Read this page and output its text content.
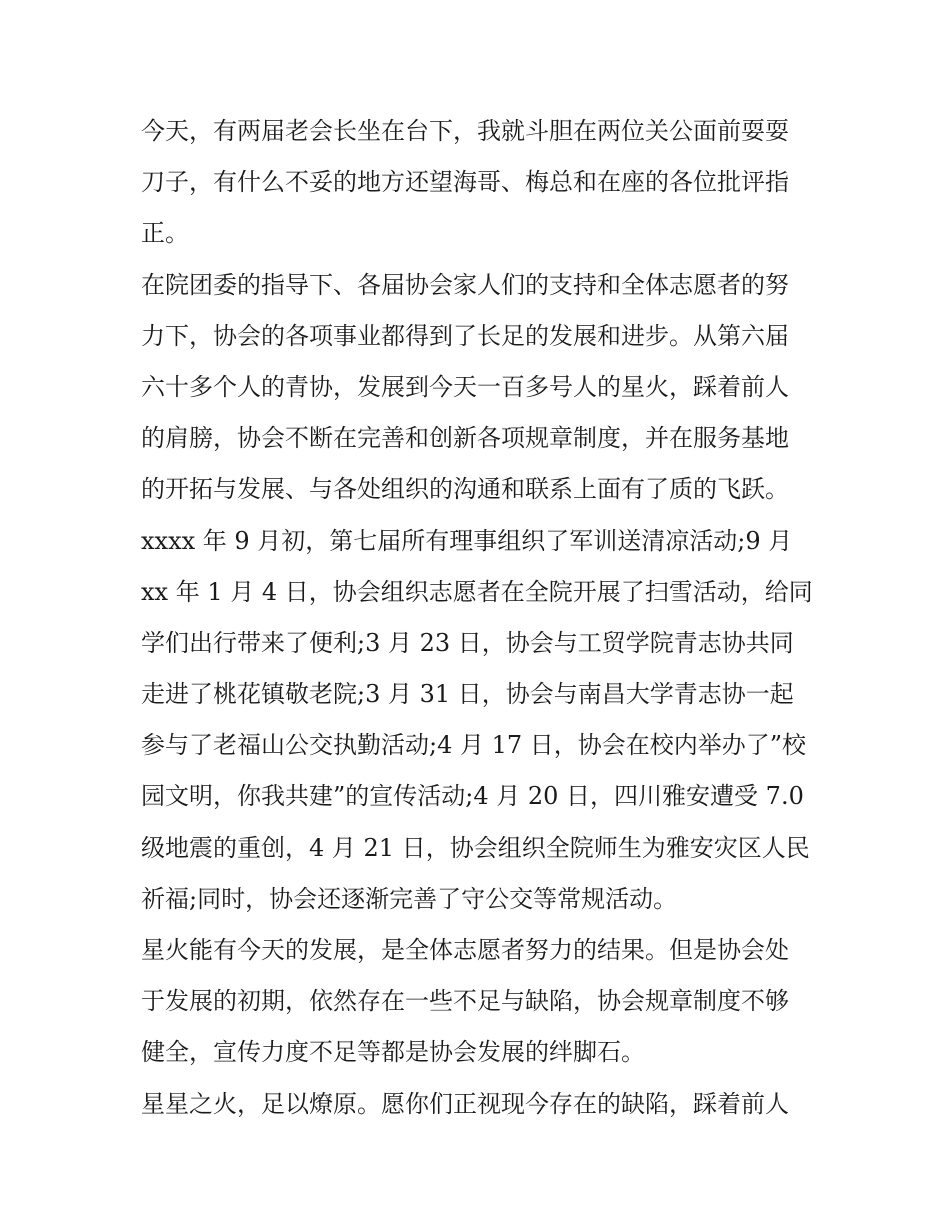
今天，有两届老会长坐在台下，我就斗胆在两位关公面前耍耍
刀子，有什么不妥的地方还望海哥、梅总和在座的各位批评指
正。

在院团委的指导下、各届协会家人们的支持和全体志愿者的努
力下，协会的各项事业都得到了长足的发展和进步。从第六届
六十多个人的青协，发展到今天一百多号人的星火，踩着前人
的肩膀，协会不断在完善和创新各项规章制度，并在服务基地
的开拓与发展、与各处组织的沟通和联系上面有了质的飞跃。

xxxx 年 9 月初，第七届所有理事组织了军训送清凉活动;9 月
xx 年 1 月 4 日，协会组织志愿者在全院开展了扫雪活动，给同
学们出行带来了便利;3 月 23 日，协会与工贸学院青志协共同
走进了桃花镇敬老院;3 月 31 日，协会与南昌大学青志协一起
参与了老福山公交执勤活动;4 月 17 日，协会在校内举办了”校
园文明，你我共建”的宣传活动;4 月 20 日，四川雅安遭受 7.0
级地震的重创，4 月 21 日，协会组织全院师生为雅安灾区人民
祈福;同时，协会还逐渐完善了守公交等常规活动。

星火能有今天的发展，是全体志愿者努力的结果。但是协会处
于发展的初期，依然存在一些不足与缺陷，协会规章制度不够
健全，宣传力度不足等都是协会发展的绊脚石。

星星之火，足以燎原。愿你们正视现今存在的缺陷，踩着前人
